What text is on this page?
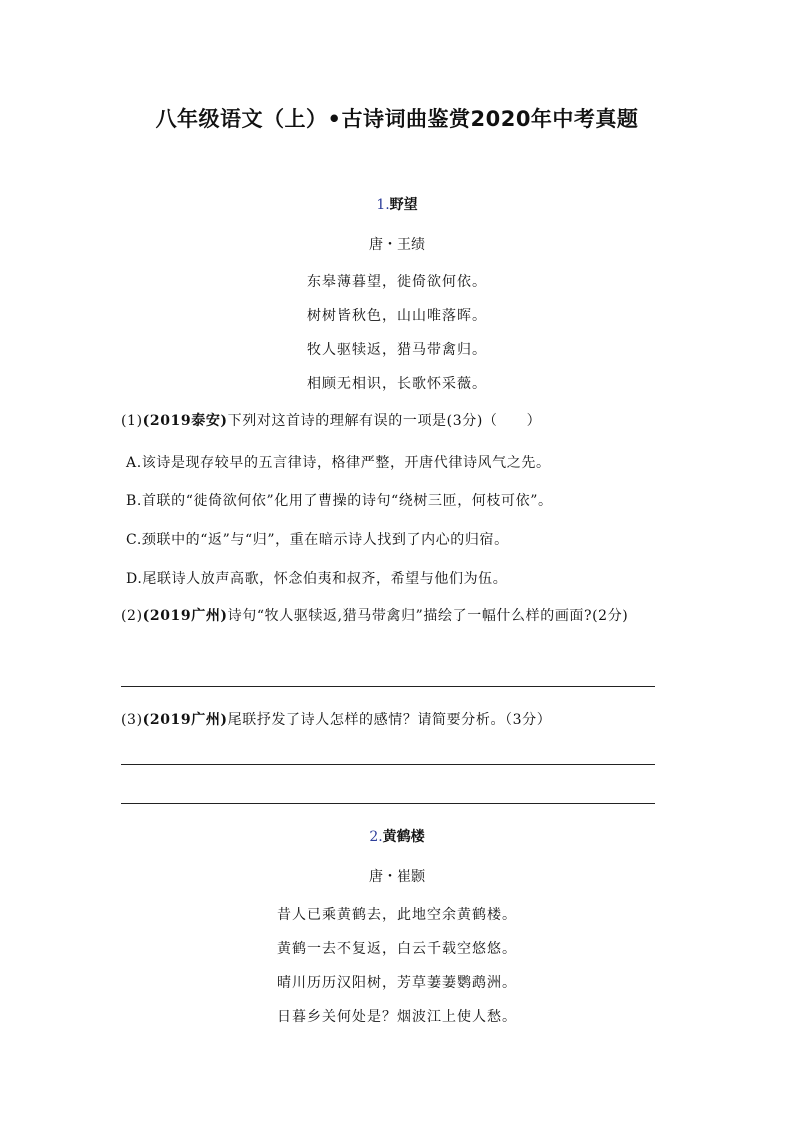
八年级语文（上）•古诗词曲鉴赏2020年中考真题
1.野望
唐・王绩
东皋薄暮望，徙倚欲何依。
树树皆秋色，山山唯落晖。
牧人驱犊返，猎马带禽归。
相顾无相识，长歌怀采薇。
(1)(2019泰安)下列对这首诗的理解有误的一项是(3分)（　　）
A.该诗是现存较早的五言律诗，格律严整，开唐代律诗风气之先。
B.首联的“徙倚欲何依”化用了曹操的诗句“绕树三匝，何枝可依”。
C.颈联中的“返”与“归”，重在暗示诗人找到了内心的归宿。
D.尾联诗人放声高歌，怀念伯夷和叔齐，希望与他们为伍。
(2)(2019广州)诗句“牧人驱犊返,猎马带禽归”描绘了一幅什么样的画面?(2分)
(3)(2019广州)尾联抒发了诗人怎样的感情？请简要分析。（3分）
2.黄鹤楼
唐・崔颢
昔人已乘黄鹤去，此地空余黄鹤楼。
黄鹤一去不复返，白云千载空悠悠。
晴川历历汉阳树，芳草萋萋鹦鹉洲。
日暮乡关何处是？烟波江上使人愁。
